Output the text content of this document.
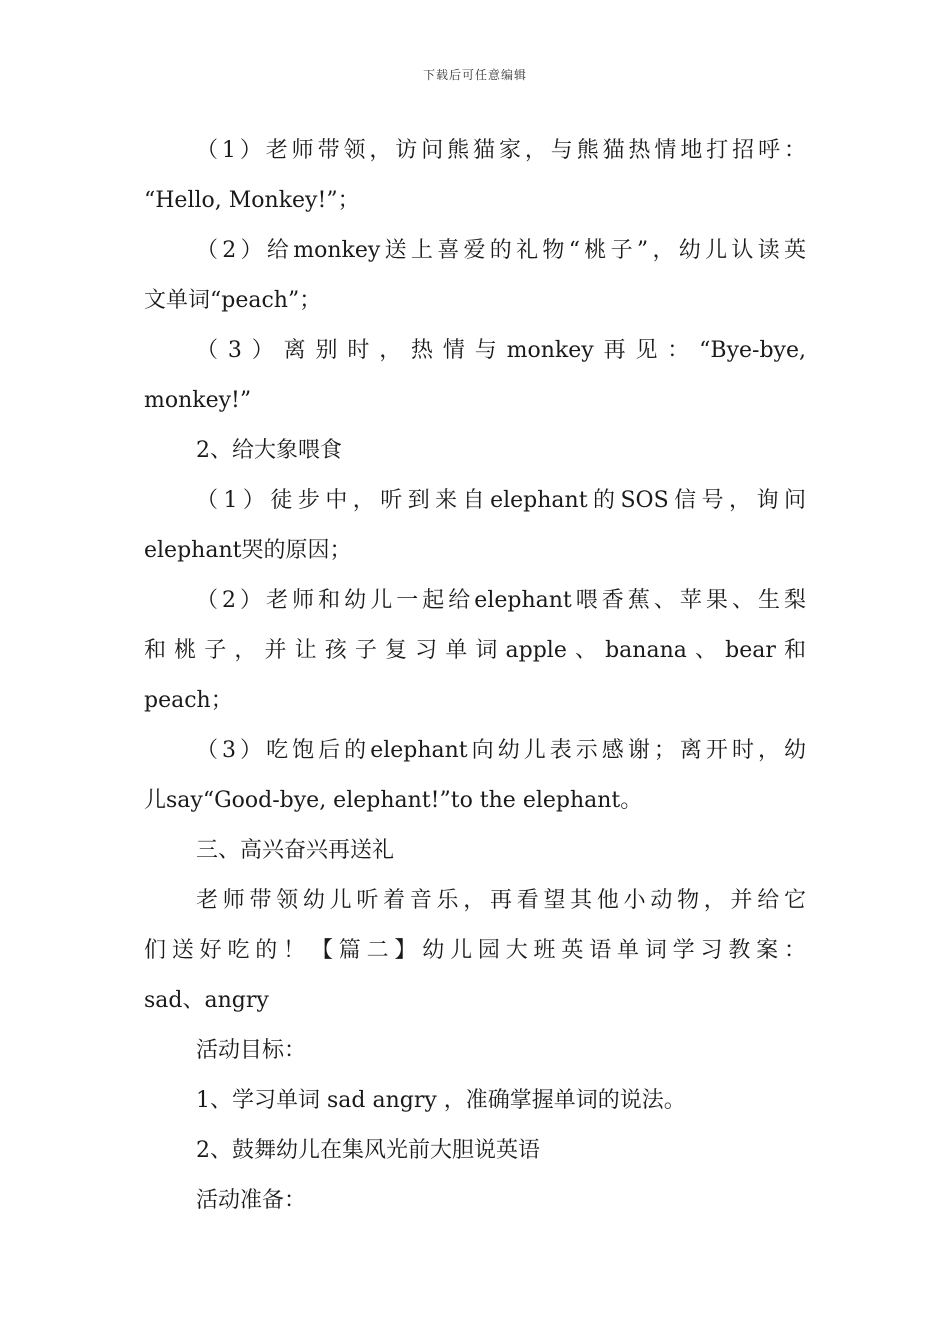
下载后可任意编辑
（1）老师带领，访问熊猫家，与熊猫热情地打招呼：
“Hello, Monkey!”；
（2）给monkey送上喜爱的礼物“桃子”，幼儿认读英
文单词“peach”；
（3）离别时，热情与monkey再见：“Bye-bye,
monkey!”
2、给大象喂食
（1）徒步中，听到来自elephant的SOS信号，询问
elephant哭的原因；
（2）老师和幼儿一起给elephant喂香蕉、苹果、生梨
和桃子，并让孩子复习单词apple、banana、bear和
peach；
（3）吃饱后的elephant向幼儿表示感谢；离开时，幼
儿say“Good-bye, elephant!”to the elephant。
三、高兴奋兴再送礼
老师带领幼儿听着音乐，再看望其他小动物，并给它
们送好吃的！【篇二】幼儿园大班英语单词学习教案：
sad、angry
活动目标：
1、学习单词 sad angry ，准确掌握单词的说法。
2、鼓舞幼儿在集风光前大胆说英语
活动准备：
